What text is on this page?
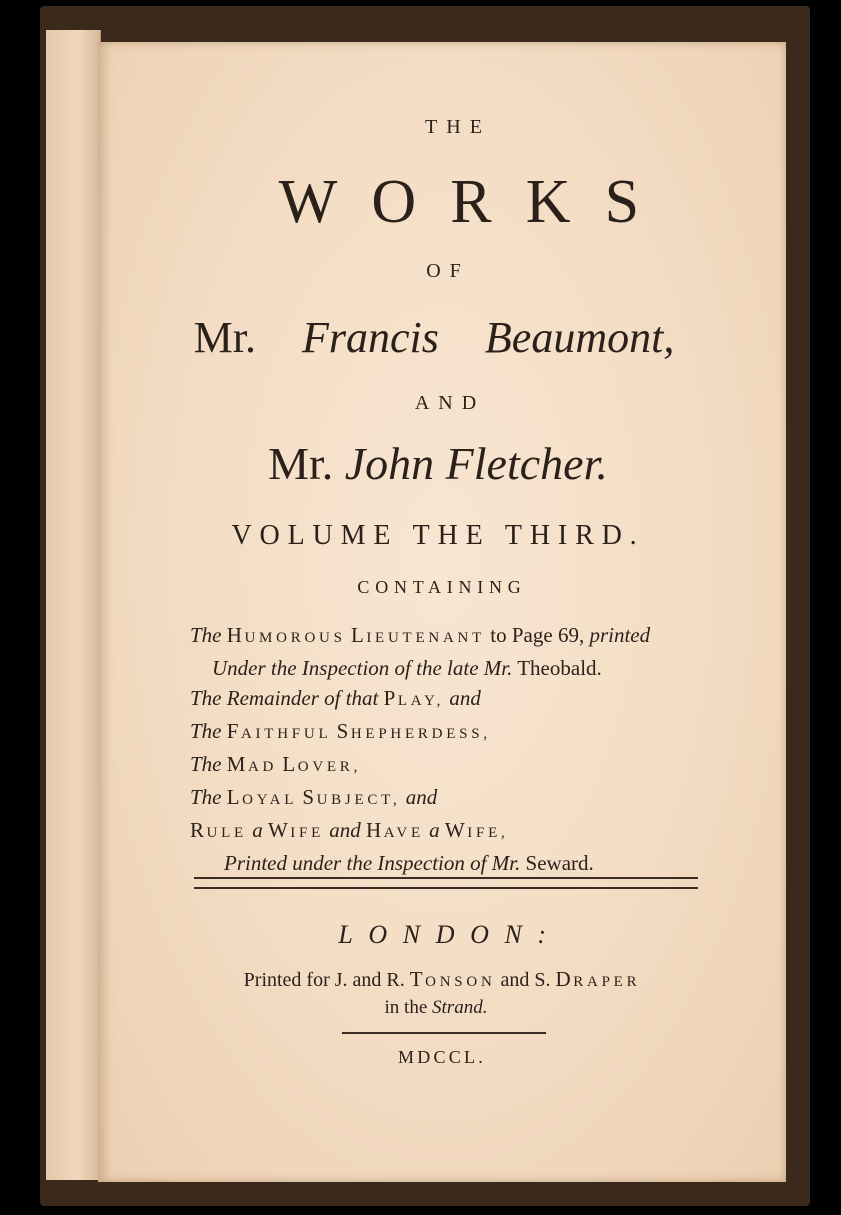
THE
WORKS
OF
Mr. Francis Beaumont,
AND
Mr. John Fletcher.
VOLUME THE THIRD.
CONTAINING
The HUMOROUS LIEUTENANT to Page 69, printed
Under the Inspection of the late Mr. Theobald.
The Remainder of that PLAY, and
The FAITHFUL SHEPHERDESS,
The MAD LOVER,
The LOYAL SUBJECT, and
RULE a WIFE and HAVE a WIFE,
Printed under the Inspection of Mr. Seward.
LONDON:
Printed for J. and R. TONSON and S. DRAPER
in the Strand.
MDCCL.
